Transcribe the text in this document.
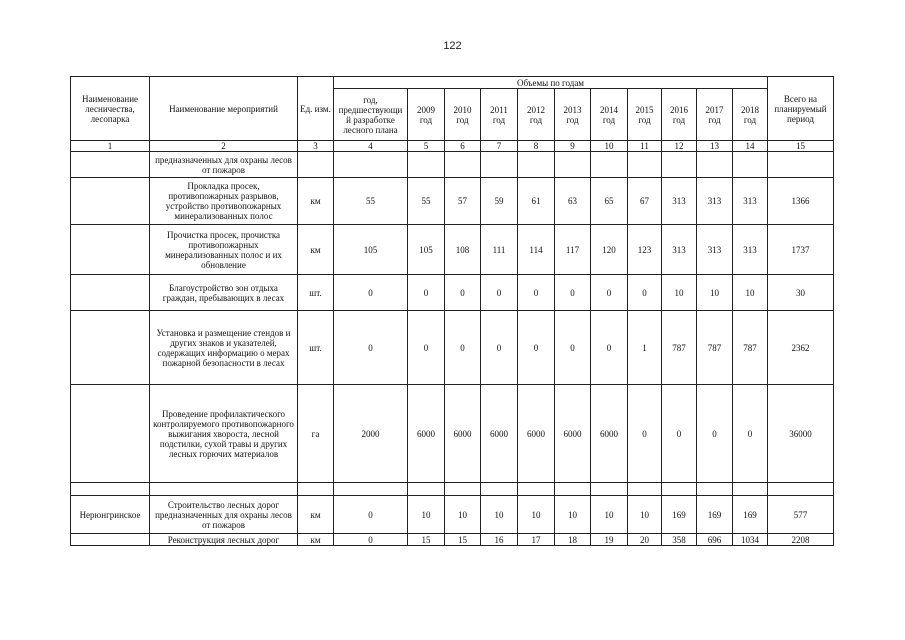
122
Наименование лесничества, лесопарка	Наименование мероприятий	Ед. изм.	Объемы по годам											Всего на планируемый период
			год, предшествующи й разработке лесного плана	2009 год	2010 год	2011 год	2012 год	2013 год	2014 год	2015 год	2016 год	2017 год	2018 год	
1	2	3	4	5	6	7	8	9	10	11	12	13	14	15
	предназначенных для охраны лесов от пожаров													
	Прокладка просек, противопожарных разрывов, устройство противопожарных минерализованных полос	км	55	55	57	59	61	63	65	67	313	313	313	1366
	Прочистка просек, прочистка противопожарных минерализованных полос и их обновление	км	105	105	108	111	114	117	120	123	313	313	313	1737
	Благоустройство зон отдыха граждан, пребывающих в лесах	шт.	0	0	0	0	0	0	0	0	10	10	10	30
	Установка и размещение стендов и других знаков и указателей, содержащих информацию о мерах пожарной безопасности в лесах	шт.	0	0	0	0	0	0	0	1	787	787	787	2362
	Проведение профилактического контролируемого противопожарного выжигания хвороста, лесной подстилки, сухой травы и других лесных горючих материалов	га	2000	6000	6000	6000	6000	6000	6000	0	0	0	0	36000

Нерюнгринское	Строительство лесных дорог предназначенных для охраны лесов от пожаров	км	0	10	10	10	10	10	10	10	169	169	169	577
	Реконструкция лесных дорог	км	0	15	15	16	17	18	19	20	358	696	1034	2208
